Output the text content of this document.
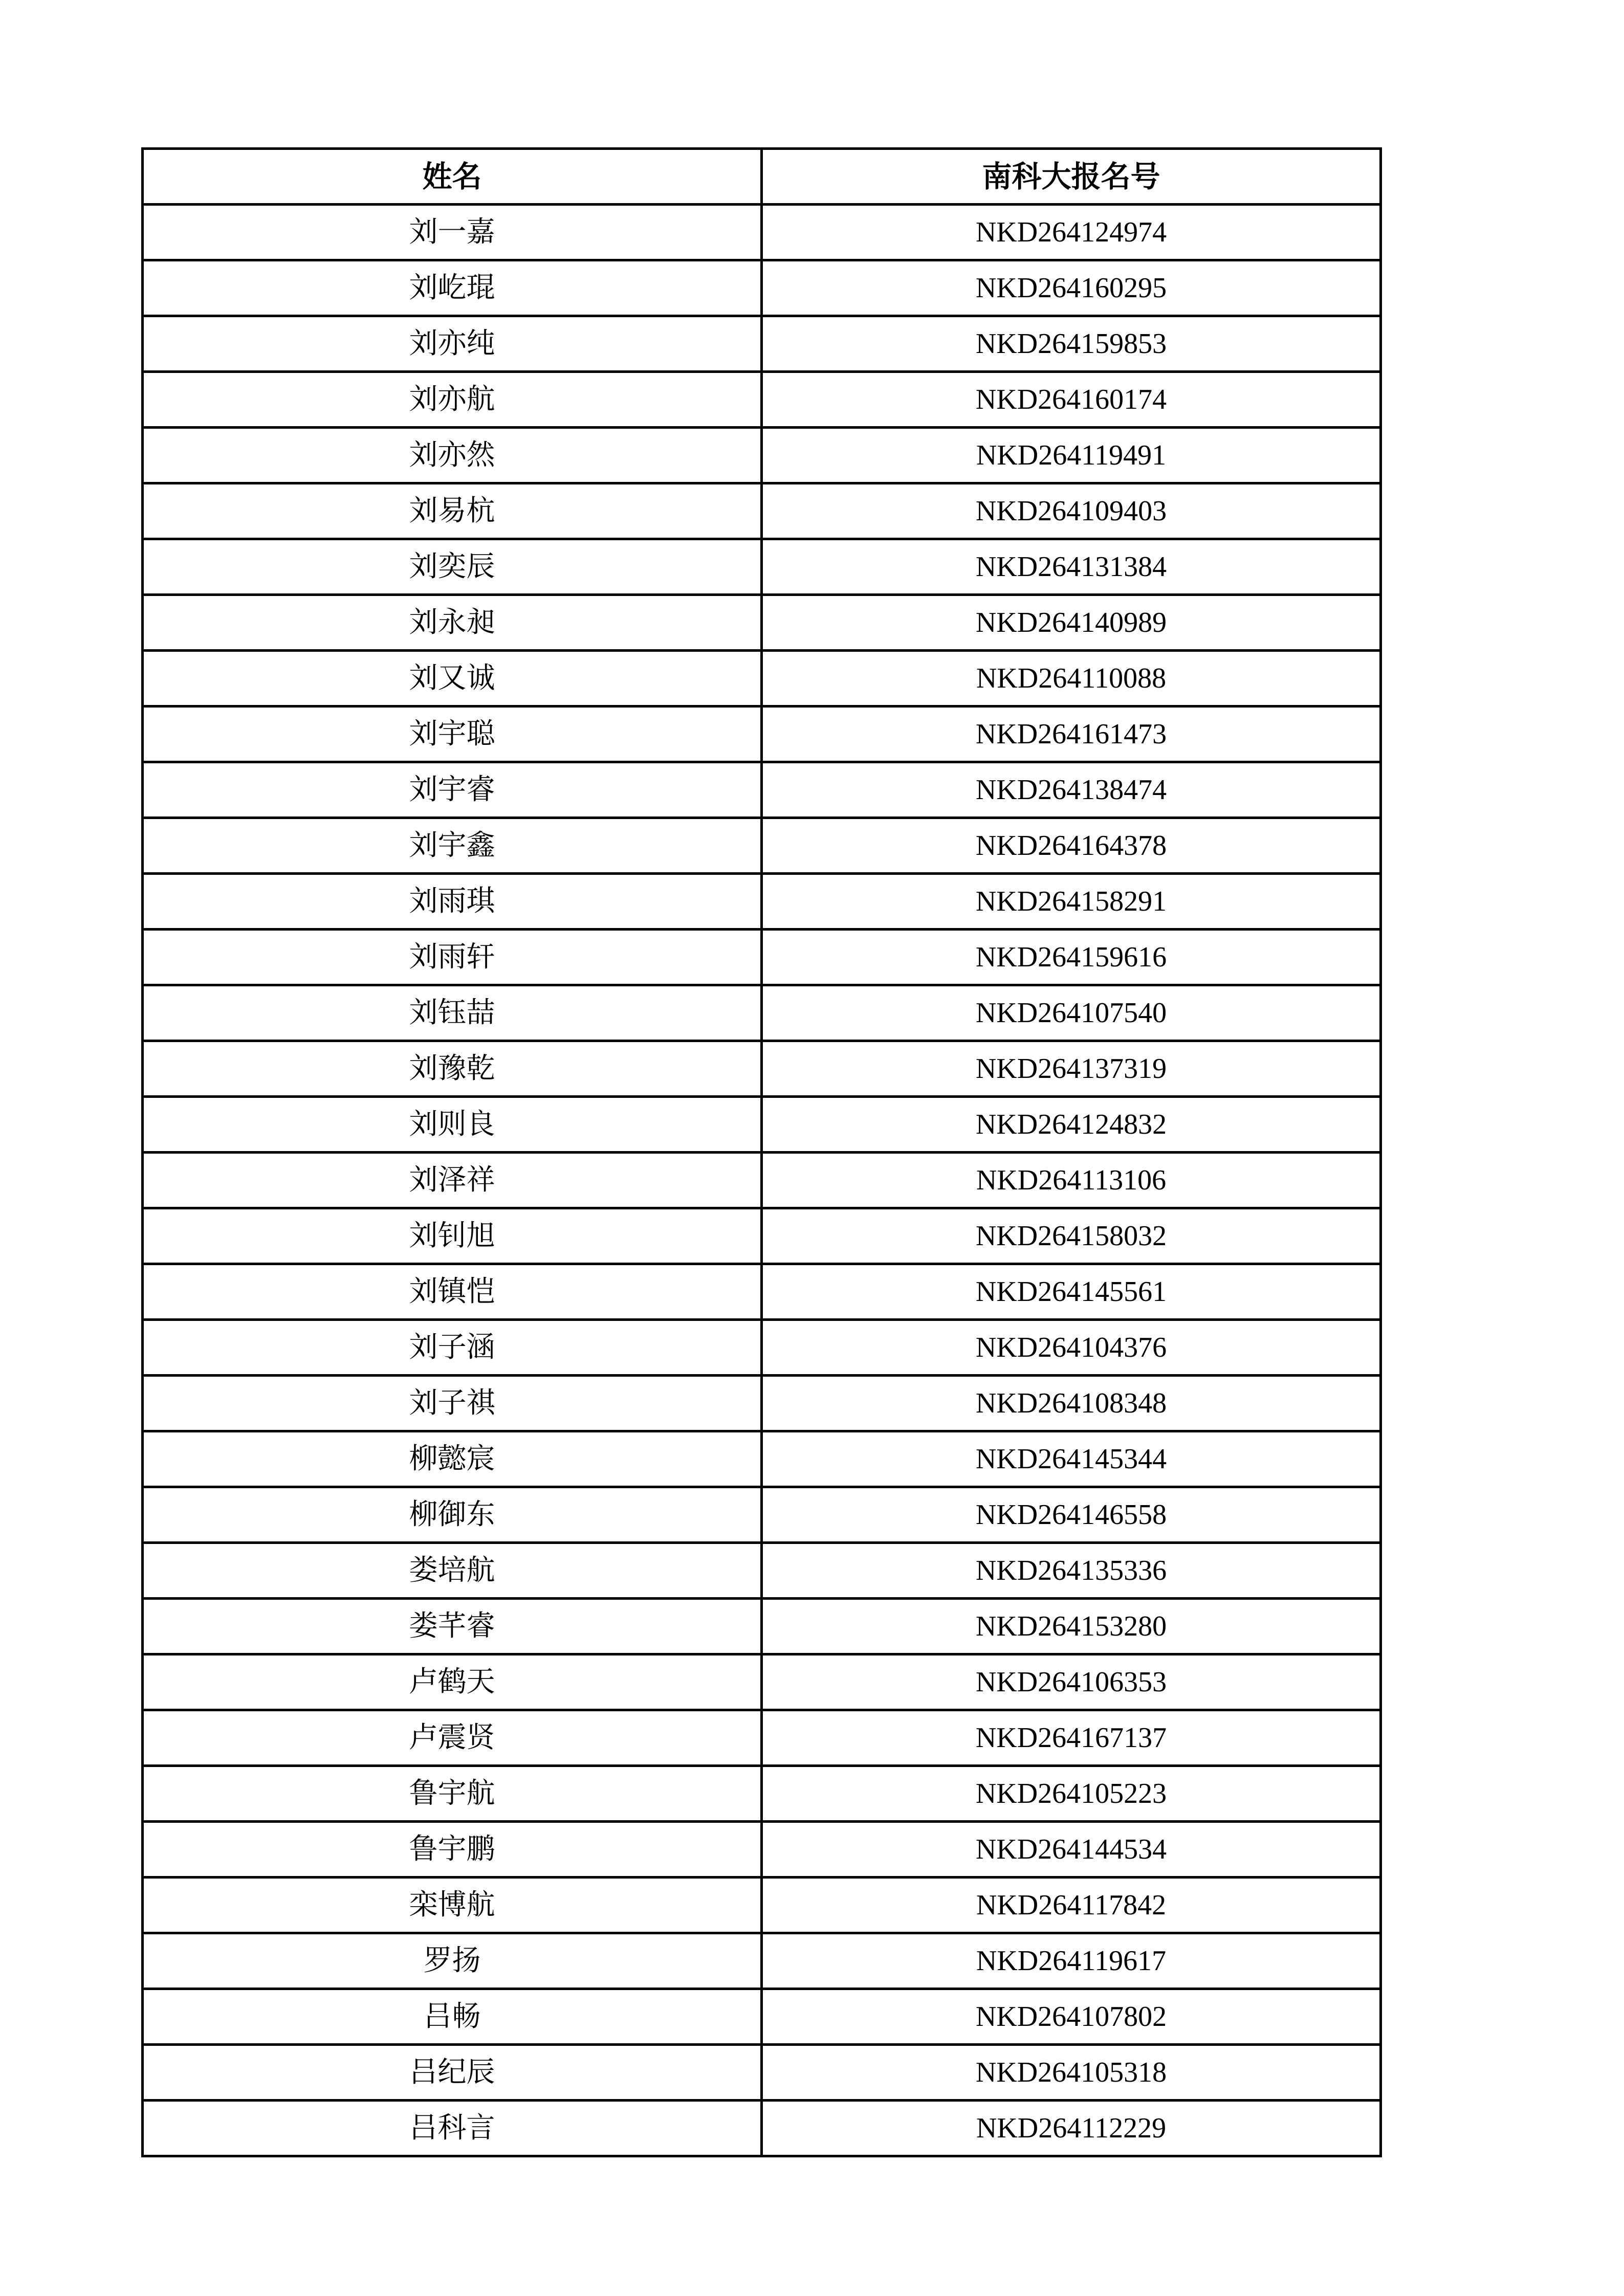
姓名	南科大报名号
刘一嘉	NKD264124974
刘屹琨	NKD264160295
刘亦纯	NKD264159853
刘亦航	NKD264160174
刘亦然	NKD264119491
刘易杭	NKD264109403
刘奕辰	NKD264131384
刘永昶	NKD264140989
刘又诚	NKD264110088
刘宇聪	NKD264161473
刘宇睿	NKD264138474
刘宇鑫	NKD264164378
刘雨琪	NKD264158291
刘雨轩	NKD264159616
刘钰喆	NKD264107540
刘豫乾	NKD264137319
刘则良	NKD264124832
刘泽祥	NKD264113106
刘钊旭	NKD264158032
刘镇恺	NKD264145561
刘子涵	NKD264104376
刘子祺	NKD264108348
柳懿宸	NKD264145344
柳御东	NKD264146558
娄培航	NKD264135336
娄芊睿	NKD264153280
卢鹤天	NKD264106353
卢震贤	NKD264167137
鲁宇航	NKD264105223
鲁宇鹏	NKD264144534
栾博航	NKD264117842
罗扬	NKD264119617
吕畅	NKD264107802
吕纪辰	NKD264105318
吕科言	NKD264112229
